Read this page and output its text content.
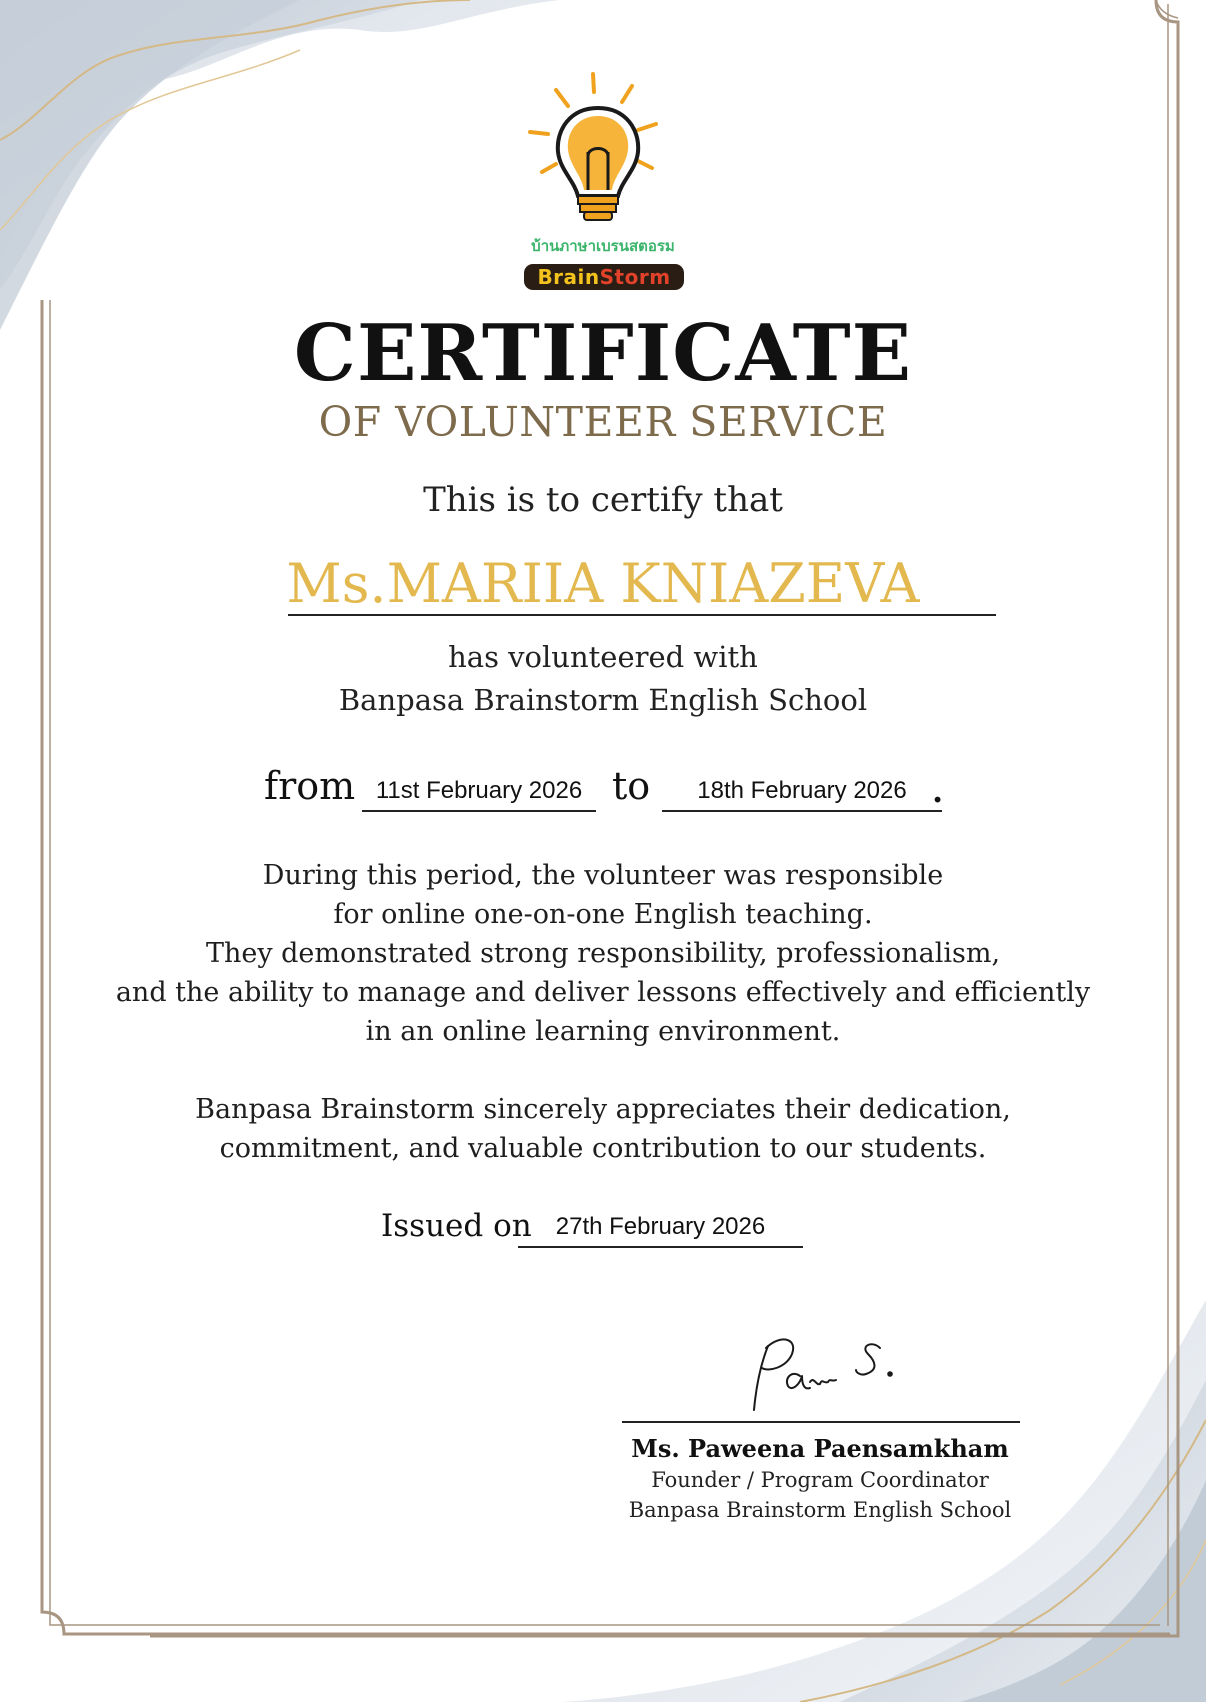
บ้านภาษาเบรนสตอรม
BrainStorm
CERTIFICATE
OF VOLUNTEER SERVICE
This is to certify that
Ms.MARIIA KNIAZEVA
has volunteered with
Banpasa Brainstorm English School
from 11st February 2026 to	18th February 2026 .
During this period, the volunteer was responsible
for online one-on-one English teaching.
They demonstrated strong responsibility, professionalism,
and the ability to manage and deliver lessons effectively and efficiently
in an online learning environment.
Banpasa Brainstorm sincerely appreciates their dedication,
commitment, and valuable contribution to our students.
Issued on	27th February 2026
Ms. Paweena Paensamkham
Founder / Program Coordinator
Banpasa Brainstorm English School
